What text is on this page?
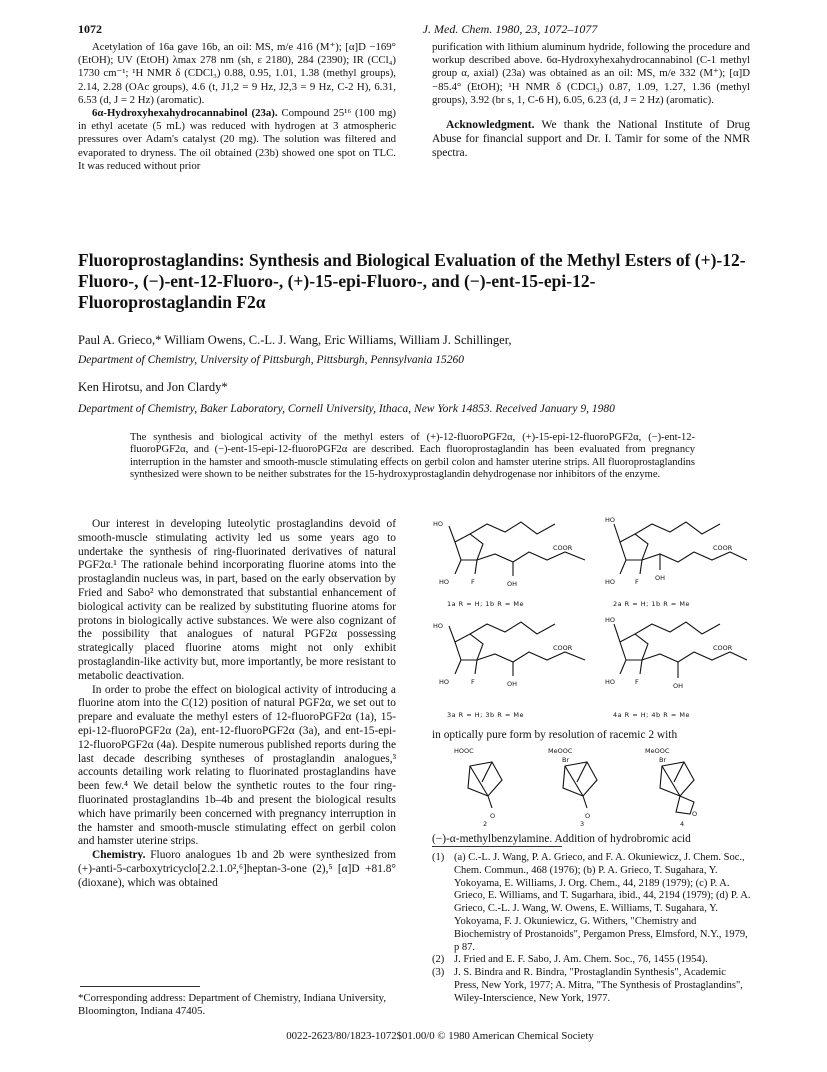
1072	J. Med. Chem. 1980, 23, 1072–1077

Acetylation of 16a gave 16b, an oil: MS, m/e 416 (M⁺); [α]D −169° (EtOH); UV (EtOH) λmax 278 nm (sh, ε 2180), 284 (2390); IR (CCl₄) 1730 cm⁻¹; ¹H NMR δ (CDCl₃) 0.88, 0.95, 1.01, 1.38 (methyl groups), 2.14, 2.28 (OAc groups), 4.6 (t, J1,2 = 9 Hz, J2,3 = 9 Hz, C-2 H), 6.31, 6.53 (d, J = 2 Hz) (aromatic).

6α-Hydroxyhexahydrocannabinol (23a). Compound 25¹⁶ (100 mg) in ethyl acetate (5 mL) was reduced with hydrogen at 3 atmospheric pressures over Adam's catalyst (20 mg). The solution was filtered and evaporated to dryness. The oil obtained (23b) showed one spot on TLC. It was reduced without prior

purification with lithium aluminum hydride, following the procedure and workup described above. 6α-Hydroxyhexahydrocannabinol (C-1 methyl group α, axial) (23a) was obtained as an oil: MS, m/e 332 (M⁺); [α]D −85.4° (EtOH); ¹H NMR δ (CDCl₃) 0.87, 1.09, 1.27, 1.36 (methyl groups), 3.92 (br s, 1, C-6 H), 6.05, 6.23 (d, J = 2 Hz) (aromatic).

Acknowledgment. We thank the National Institute of Drug Abuse for financial support and Dr. I. Tamir for some of the NMR spectra.

Fluoroprostaglandins: Synthesis and Biological Evaluation of the Methyl Esters of (+)-12-Fluoro-, (−)-ent-12-Fluoro-, (+)-15-epi-Fluoro-, and (−)-ent-15-epi-12-Fluoroprostaglandin F2α
Paul A. Grieco,* William Owens, C.-L. J. Wang, Eric Williams, William J. Schillinger,
Department of Chemistry, University of Pittsburgh, Pittsburgh, Pennsylvania 15260
Ken Hirotsu, and Jon Clardy*
Department of Chemistry, Baker Laboratory, Cornell University, Ithaca, New York 14853. Received January 9, 1980
The synthesis and biological activity of the methyl esters of (+)-12-fluoroPGF2α, (+)-15-epi-12-fluoroPGF2α, (−)-ent-12-fluoroPGF2α, and (−)-ent-15-epi-12-fluoroPGF2α are described. Each fluoroprostaglandin has been evaluated from pregnancy interruption in the hamster and smooth-muscle stimulating effects on gerbil colon and hamster uterine strips. All fluoroprostaglandins synthesized were shown to be neither substrates for the 15-hydroxyprostaglandin dehydrogenase nor inhibitors of the enzyme.

Our interest in developing luteolytic prostaglandins devoid of smooth-muscle stimulating activity led us some years ago to undertake the synthesis of ring-fluorinated derivatives of natural PGF2α.¹ The rationale behind incorporating fluorine atoms into the prostaglandin nucleus was, in part, based on the early observation by Fried and Sabo² who demonstrated that substantial enhancement of biological activity can be realized by substituting fluorine atoms for protons in biologically active substances. We were also cognizant of the possibility that analogues of natural PGF2α possessing strategically placed fluorine atoms might not only exhibit prostaglandin-like activity but, more importantly, be more resistant to metabolic deactivation.

In order to probe the effect on biological activity of introducing a fluorine atom into the C(12) position of natural PGF2α, we set out to prepare and evaluate the methyl esters of 12-fluoroPGF2α (1a), 15-epi-12-fluoroPGF2α (2a), ent-12-fluoroPGF2α (3a), and ent-15-epi-12-fluoroPGF2α (4a). Despite numerous published reports during the last decade describing syntheses of prostaglandin analogues,³ accounts detailing work relating to fluorinated prostaglandins have been few.⁴ We detail below the synthetic routes to the four ring-fluorinated prostaglandins 1b–4b and present the biological results which have primarily been concerned with pregnancy interruption in the hamster and smooth-muscle stimulating effect on gerbil colon and hamster uterine strips.

Chemistry. Fluoro analogues 1b and 2b were synthesized from (+)-anti-5-carboxytricyclo[2.2.1.0²,⁶]heptan-3-one (2),⁵ [α]D +81.8° (dioxane), which was obtained

HO
COOR
HO	F	OH
HO
COOR
HO	F	OH
HO
COOR
HO	F	OH
HO
COOR
HO	F	OH
1a R = H; 1b R = Me	2a R = H; 1b R = Me
3a R = H; 3b R = Me	4a R = H; 4b R = Me
in optically pure form by resolution of racemic 2 with
HOOC
O
MeOOC
Br
O
MeOOC
Br
O
2	3	4
(−)-α-methylbenzylamine. Addition of hydrobromic acid
(1) (a) C.-L. J. Wang, P. A. Grieco, and F. A. Okuniewicz, J. Chem. Soc., Chem. Commun., 468 (1976); (b) P. A. Grieco, T. Sugahara, Y. Yokoyama, E. Williams, J. Org. Chem., 44, 2189 (1979); (c) P. A. Grieco, E. Williams, and T. Sugarhara, ibid., 44, 2194 (1979); (d) P. A. Grieco, C.-L. J. Wang, W. Owens, E. Williams, T. Sugahara, Y. Yokoyama, F. J. Okuniewicz, G. Withers, "Chemistry and Biochemistry of Prostanoids", Pergamon Press, Elmsford, N.Y., 1979, p 87.
(2) J. Fried and E. F. Sabo, J. Am. Chem. Soc., 76, 1455 (1954).
(3) J. S. Bindra and R. Bindra, "Prostaglandin Synthesis", Academic Press, New York, 1977; A. Mitra, "The Synthesis of Prostaglandins", Wiley-Interscience, New York, 1977.
*Corresponding address: Department of Chemistry, Indiana University, Bloomington, Indiana 47405.
0022-2623/80/1823-1072$01.00/0 © 1980 American Chemical Society
